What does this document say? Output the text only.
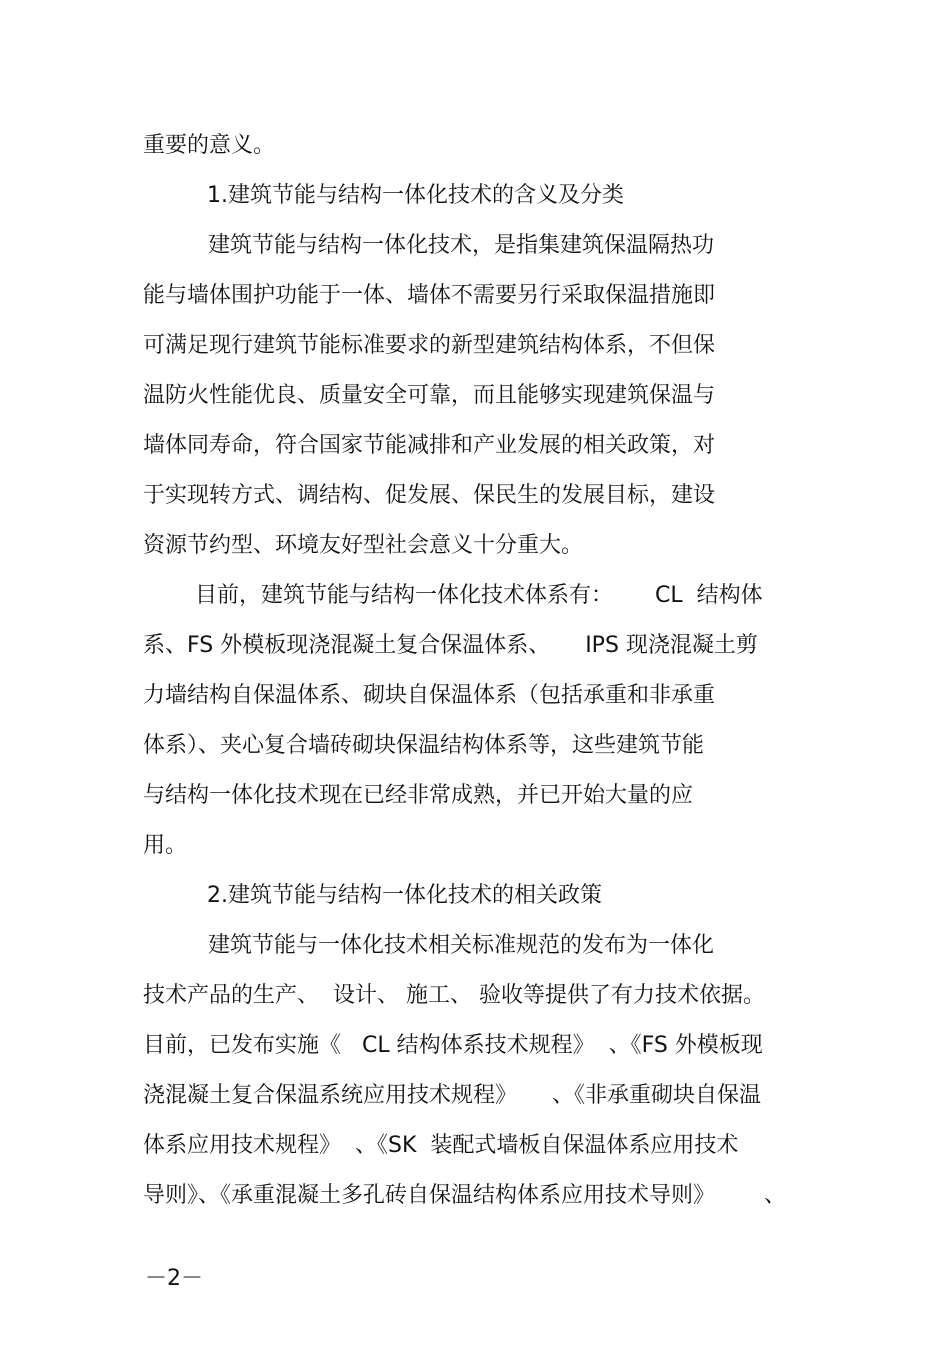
重要的意义。

1.建筑节能与结构一体化技术的含义及分类

建筑节能与结构一体化技术，是指集建筑保温隔热功

能与墙体围护功能于一体、墙体不需要另行采取保温措施即

可满足现行建筑节能标准要求的新型建筑结构体系，不但保

温防火性能优良、质量安全可靠，而且能够实现建筑保温与

墙体同寿命，符合国家节能减排和产业发展的相关政策，对

于实现转方式、调结构、促发展、保民生的发展目标，建设

资源节约型、环境友好型社会意义十分重大。

目前，建筑节能与结构一体化技术体系有：      CL  结构体

系、FS 外模板现浇混凝土复合保温体系、     IPS 现浇混凝土剪

力墙结构自保温体系、砌块自保温体系（包括承重和非承重

体系）、夹心复合墙砖砌块保温结构体系等，这些建筑节能

与结构一体化技术现在已经非常成熟，并已开始大量的应

用。

2.建筑节能与结构一体化技术的相关政策

建筑节能与一体化技术相关标准规范的发布为一体化

技术产品的生产、  设计、 施工、 验收等提供了有力技术依据。

目前，已发布实施《   CL 结构体系技术规程》  、《FS 外模板现

浇混凝土复合保温系统应用技术规程》     、《非承重砌块自保温

体系应用技术规程》  、《SK  装配式墙板自保温体系应用技术

导则》、《承重混凝土多孔砖自保温结构体系应用技术导则》       、

－2－
